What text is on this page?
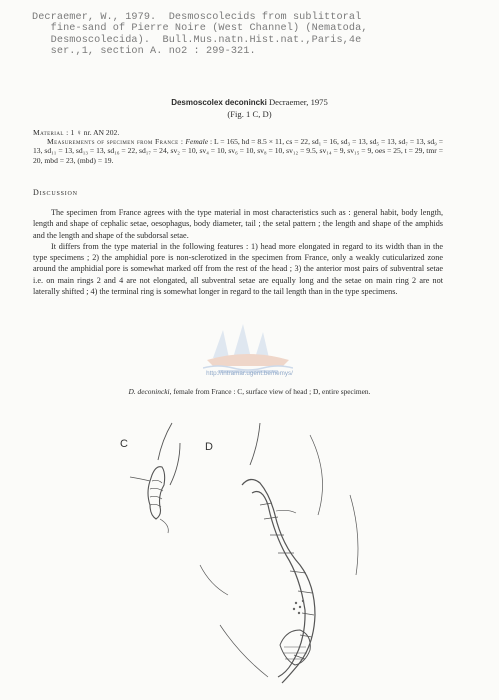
Decraemer, W., 1979.  Desmoscolecids from sublittoral
fine-sand of Pierre Noire (West Channel) (Nematoda,
Desmoscolecida).  Bull.Mus.natn.Hist.nat.,Paris,4e
ser.,1, section A. no2 : 299-321.
Desmoscolex deconincki Decraemer, 1975
(Fig. 1 C, D)
Material : 1 ♀ nr. AN 202.
Measurements of specimen from France : Female : L = 165, hd = 8.5 × 11, cs = 22, sd₁ = 16, sd₃ = 13, sd₅ = 13, sd₇ = 13, sd₉ = 13, sd₁₁ = 13, sd₁₃ = 13, sd₁₆ = 22, sd₁₇ = 24, sv₂ = 10, sv₄ = 10, sv₆ = 10, sv₈ = 10, sv₁₂ = 9.5, sv₁₄ = 9, sv₁₅ = 9, oes = 25, t = 29, tmr = 20, mbd = 23, (mbd) = 19.
Discussion

The specimen from France agrees with the type material in most characteristics such as : general habit, body length, length and shape of cephalic setae, oesophagus, body diameter, tail ; the setal pattern ; the length and shape of the amphids and the length and shape of the subdorsal setae.

It differs from the type material in the following features : 1) head more elongated in regard to its width than in the type specimens ; 2) the amphidial pore is non-sclerotized in the specimen from France, only a weakly cuticularized zone around the amphidial pore is somewhat marked off from the rest of the head ; 3) the anterior most pairs of subventral setae i.e. on main rings 2 and 4 are not elongated, all subventral setae are equally long and the setae on main ring 2 are not laterally shifted ; 4) the terminal ring is somewhat longer in regard to the tail length than in the type specimens.

http://intramar.ugent.be/nemys/
D. deconincki, female from France : C, surface view of head ; D, entire specimen.
C	D
